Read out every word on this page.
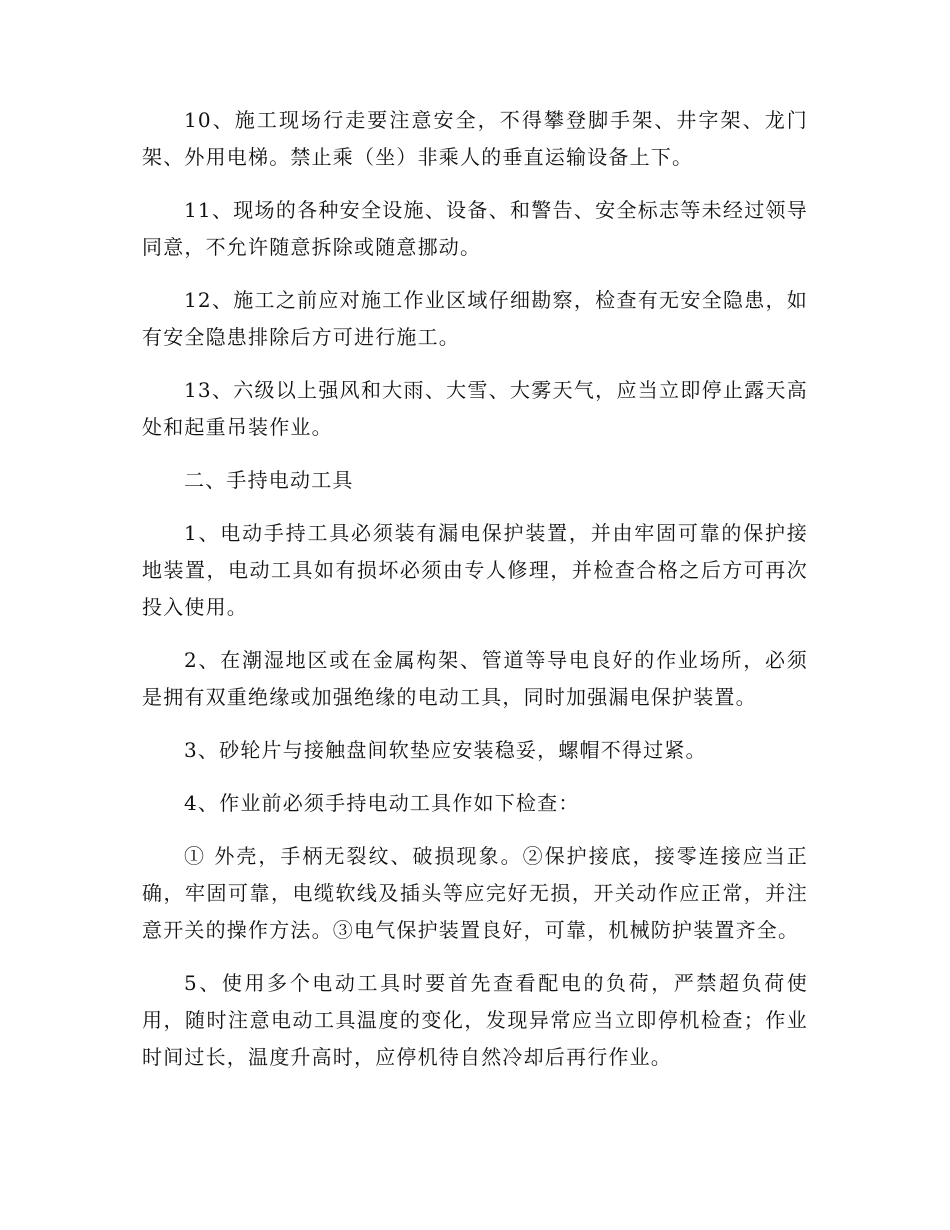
10、施工现场行走要注意安全，不得攀登脚手架、井字架、龙门架、外用电梯。禁止乘（坐）非乘人的垂直运输设备上下。

11、现场的各种安全设施、设备、和警告、安全标志等未经过领导同意，不允许随意拆除或随意挪动。

12、施工之前应对施工作业区域仔细勘察，检查有无安全隐患，如有安全隐患排除后方可进行施工。

13、六级以上强风和大雨、大雪、大雾天气，应当立即停止露天高处和起重吊装作业。

二、手持电动工具

1、电动手持工具必须装有漏电保护装置，并由牢固可靠的保护接地装置，电动工具如有损坏必须由专人修理，并检查合格之后方可再次投入使用。

2、在潮湿地区或在金属构架、管道等导电良好的作业场所，必须是拥有双重绝缘或加强绝缘的电动工具，同时加强漏电保护装置。

3、砂轮片与接触盘间软垫应安装稳妥，螺帽不得过紧。

4、作业前必须手持电动工具作如下检查：

① 外壳，手柄无裂纹、破损现象。②保护接底，接零连接应当正确，牢固可靠，电缆软线及插头等应完好无损，开关动作应正常，并注意开关的操作方法。③电气保护装置良好，可靠，机械防护装置齐全。

5、使用多个电动工具时要首先查看配电的负荷，严禁超负荷使用，随时注意电动工具温度的变化，发现异常应当立即停机检查；作业时间过长，温度升高时，应停机待自然冷却后再行作业。
